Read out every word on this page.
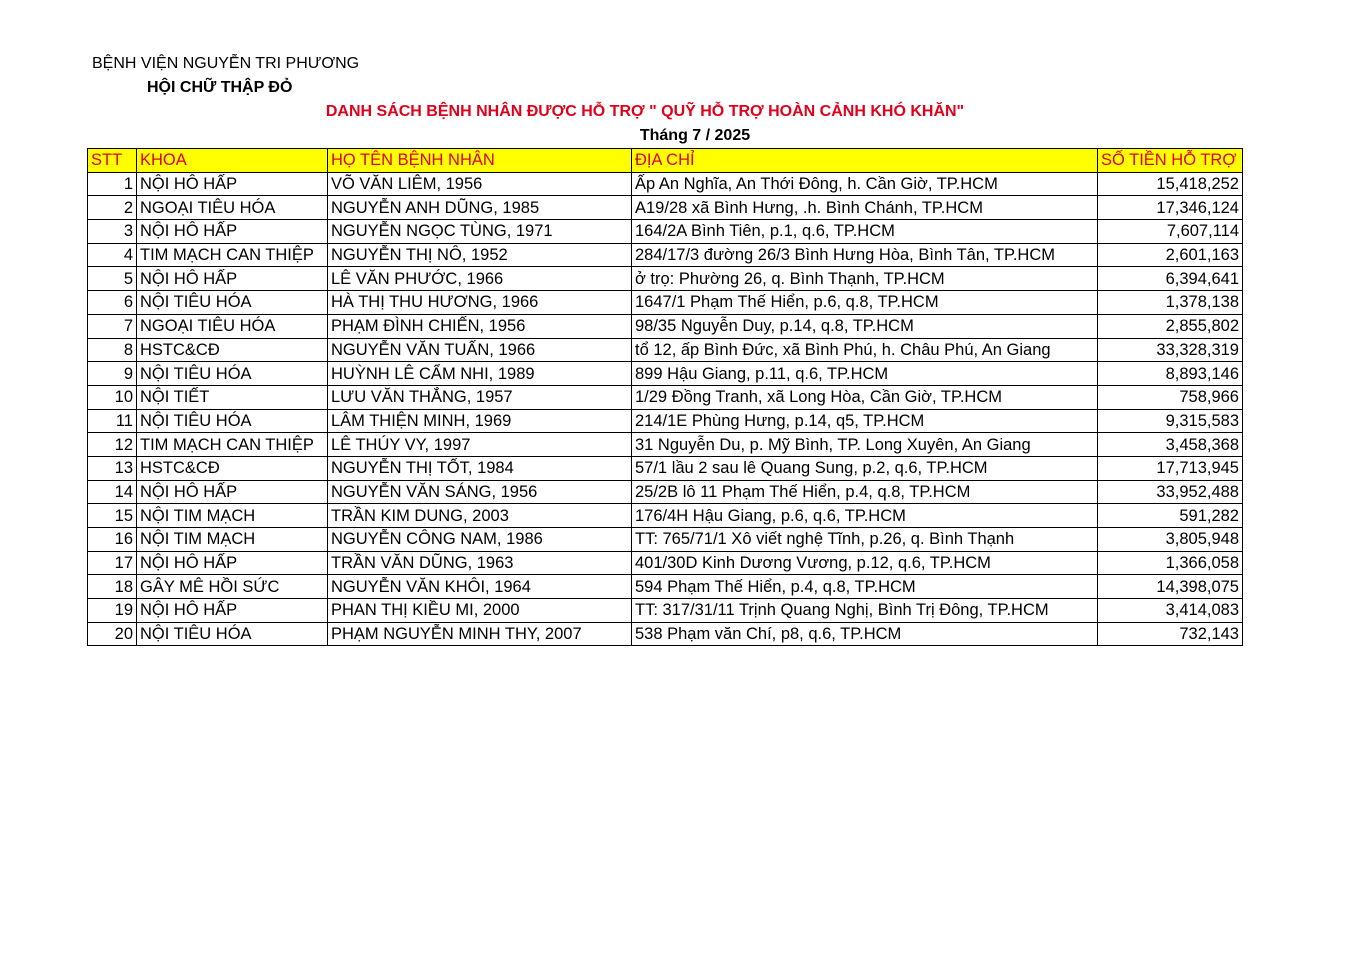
BỆNH VIỆN NGUYỄN TRI PHƯƠNG
HỘI CHỮ THẬP ĐỎ
DANH SÁCH BỆNH NHÂN ĐƯỢC HỖ TRỢ " QUỸ HỖ TRỢ HOÀN CẢNH KHÓ KHĂN"
Tháng 7 / 2025
STT	KHOA	HỌ TÊN BỆNH NHÂN	ĐỊA CHỈ	SỐ TIỀN HỖ TRỢ
1	NỘI HÔ HẤP	VÕ VĂN LIÊM, 1956	Ấp An Nghĩa, An Thới Đông, h. Cần Giờ, TP.HCM	15,418,252
2	NGOẠI TIÊU HÓA	NGUYỄN ANH DŨNG, 1985	A19/28 xã Bình Hưng, .h. Bình Chánh, TP.HCM	17,346,124
3	NỘI HÔ HẤP	NGUYỄN NGỌC TÙNG, 1971	164/2A Bình Tiên, p.1, q.6, TP.HCM	7,607,114
4	TIM MẠCH CAN THIỆP	NGUYỄN THỊ NÔ, 1952	284/17/3 đường 26/3 Bình Hưng Hòa, Bình Tân, TP.HCM	2,601,163
5	NỘI HÔ HẤP	LÊ VĂN PHƯỚC, 1966	ở trọ: Phường 26, q. Bình Thạnh, TP.HCM	6,394,641
6	NỘI TIÊU HÓA	HÀ THỊ THU HƯƠNG, 1966	1647/1 Phạm Thế Hiển, p.6, q.8, TP.HCM	1,378,138
7	NGOẠI TIÊU HÓA	PHẠM ĐÌNH CHIẾN, 1956	98/35 Nguyễn Duy, p.14, q.8, TP.HCM	2,855,802
8	HSTC&CĐ	NGUYỄN VĂN TUẤN, 1966	tổ 12, ấp Bình Đức, xã Bình Phú, h. Châu Phú, An Giang	33,328,319
9	NỘI TIÊU HÓA	HUỲNH LÊ CẨM NHI, 1989	899 Hậu Giang, p.11, q.6, TP.HCM	8,893,146
10	NỘI TIẾT	LƯU VĂN THẮNG, 1957	1/29 Đồng Tranh, xã Long Hòa, Cần Giờ, TP.HCM	758,966
11	NỘI TIÊU HÓA	LÂM THIỆN MINH, 1969	214/1E Phùng Hưng, p.14, q5, TP.HCM	9,315,583
12	TIM MẠCH CAN THIỆP	LÊ THÚY VY, 1997	31 Nguyễn Du, p. Mỹ Bình, TP. Long Xuyên, An Giang	3,458,368
13	HSTC&CĐ	NGUYỄN THỊ TỐT, 1984	57/1 lầu 2 sau lê Quang Sung, p.2, q.6, TP.HCM	17,713,945
14	NỘI HÔ HẤP	NGUYỄN VĂN SÁNG, 1956	25/2B lô 11 Phạm Thế Hiển, p.4, q.8, TP.HCM	33,952,488
15	NỘI TIM MẠCH	TRẦN KIM DUNG, 2003	176/4H Hậu Giang, p.6, q.6, TP.HCM	591,282
16	NỘI TIM MẠCH	NGUYỄN CÔNG NAM, 1986	TT: 765/71/1 Xô viết nghệ Tĩnh, p.26, q. Bình Thạnh	3,805,948
17	NỘI HÔ HẤP	TRẦN VĂN DŨNG, 1963	401/30D Kinh Dương Vương, p.12, q.6, TP.HCM	1,366,058
18	GÂY MÊ HỒI SỨC	NGUYỄN VĂN KHÔI, 1964	594 Phạm Thế Hiển, p.4, q.8, TP.HCM	14,398,075
19	NỘI HÔ HẤP	PHAN THỊ KIỀU MI, 2000	TT: 317/31/11 Trịnh Quang Nghị, Bình Trị Đông, TP.HCM	3,414,083
20	NỘI TIÊU HÓA	PHẠM NGUYỄN MINH THY, 2007	538 Phạm văn Chí, p8, q.6, TP.HCM	732,143
